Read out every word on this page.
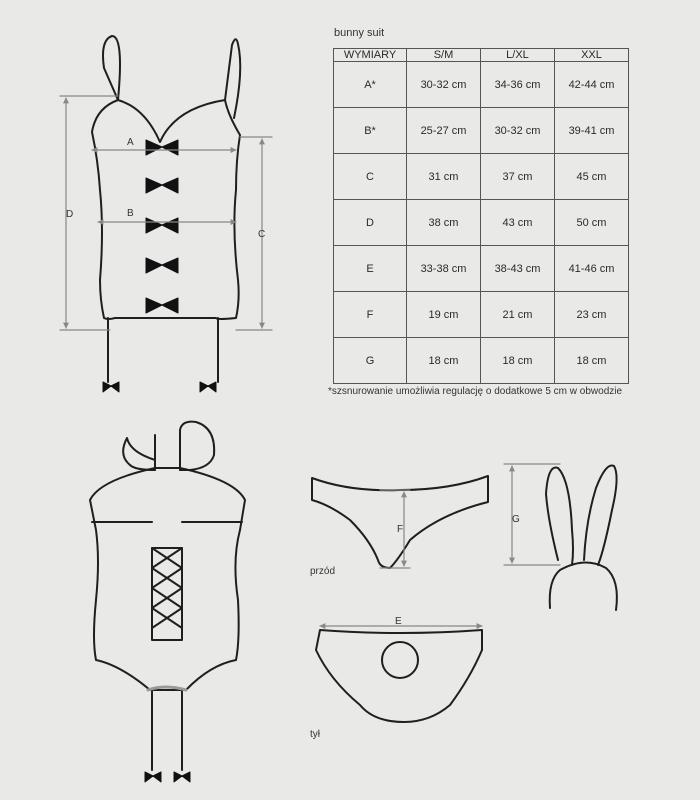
bunny suit
WYMIARY	S/M	L/XL	XXL
A*	30-32 cm	34-36 cm	42-44 cm
B*	25-27 cm	30-32 cm	39-41 cm
C	31 cm	37 cm	45 cm
D	38 cm	43 cm	50 cm
E	33-38 cm	38-43 cm	41-46 cm
F	19 cm	21 cm	23 cm
G	18 cm	18 cm	18 cm
*szsnurowanie umożliwia regulację o dodatkowe 5 cm w obwodzie
A
B
C
D
E
F
G
przód
tył
